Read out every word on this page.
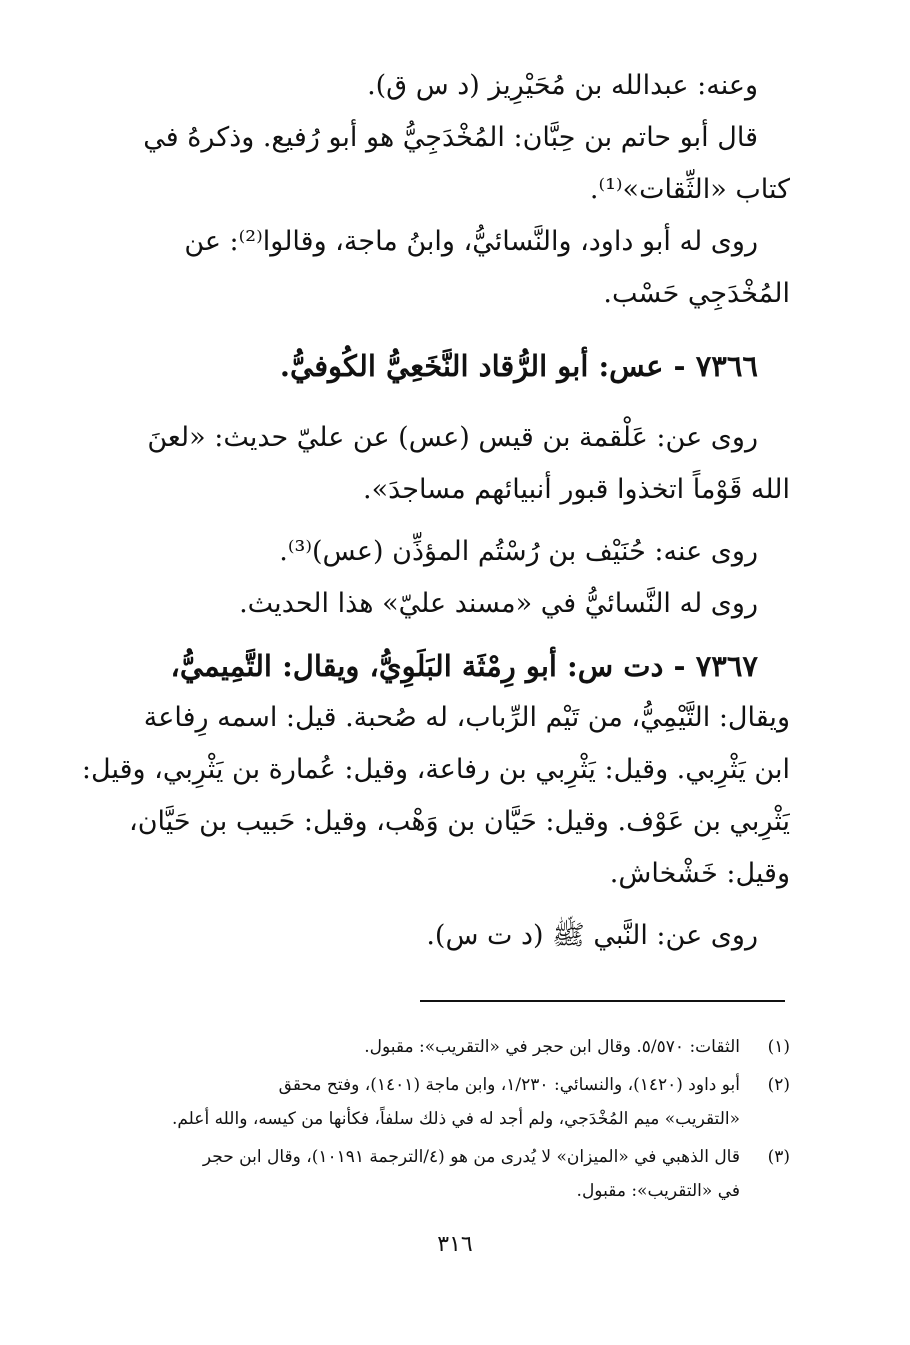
وعنه: عبدالله بن مُحَيْرِيز (د س ق).
قال أبو حاتم بن حِبَّان: المُخْدَجِيُّ هو أبو رُفيع. وذكرهُ في
كتاب «الثِّقات»⁽¹⁾.
روى له أبو داود، والنَّسائيُّ، وابنُ ماجة، وقالوا⁽²⁾: عن
المُخْدَجِي حَسْب.
٧٣٦٦ - عس: أبو الرُّقاد النَّخَعِيُّ الكُوفيُّ.
روى عن: عَلْقمة بن قيس (عس) عن عليّ حديث: «لعنَ
الله قَوْماً اتخذوا قبور أنبيائهم مساجدَ».
روى عنه: حُنَيْف بن رُسْتُم المؤذِّن (عس)⁽³⁾.
روى له النَّسائيُّ في «مسند عليّ» هذا الحديث.
٧٣٦٧ - دت س: أبو رِمْثَة البَلَوِيُّ، ويقال: التَّمِيميُّ،
ويقال: التَّيْمِيُّ، من تَيْم الرِّباب، له صُحبة. قيل: اسمه رِفاعة
ابن يَثْرِبي. وقيل: يَثْرِبي بن رفاعة، وقيل: عُمارة بن يَثْرِبي، وقيل:
يَثْرِبي بن عَوْف. وقيل: حَيَّان بن وَهْب، وقيل: حَبيب بن حَيَّان،
وقيل: خَشْخاش.
روى عن: النَّبي ﷺ (د ت س).
(١)
الثقات: ٥/٥٧٠. وقال ابن حجر في «التقريب»: مقبول.
(٢)
أبو داود (١٤٢٠)، والنسائي: ١/٢٣٠، وابن ماجة (١٤٠١)، وفتح محقق
«التقريب» ميم المُخْدَجي، ولم أجد له في ذلك سلفاً، فكأنها من كيسه، والله أعلم.
(٣)
قال الذهبي في «الميزان» لا يُدرى من هو (٤/الترجمة ١٠١٩١)، وقال ابن حجر
في «التقريب»: مقبول.
٣١٦
